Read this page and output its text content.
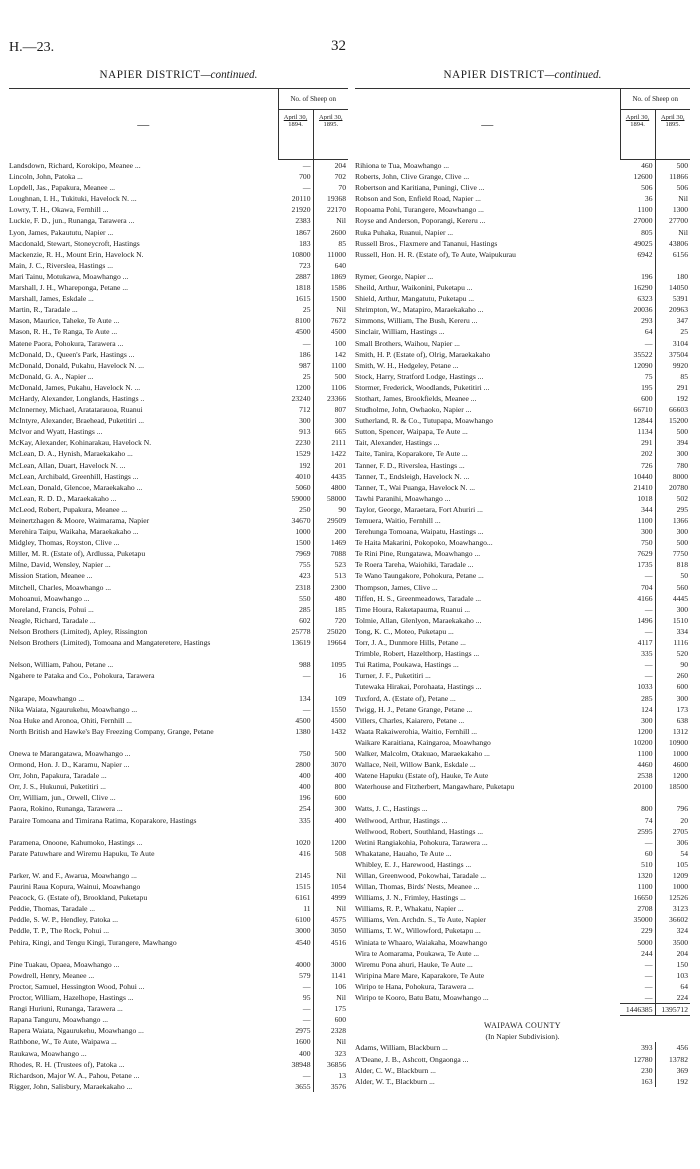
H.—23.	32
NAPIER DISTRICT—continued.
—	No. of Sheep on	

	April 30,
1894.	April 30,
1895.

Landsdown, Richard, Korokipo, Meanee ...	—	204
Lincoln, John, Patoka ...	700	702
Lopdell, Jas., Papakura, Meanee ...	—	70
Loughnan, I. H., Tukituki, Havelock N. ...	20110	19368
Lowry, T. H., Okawa, Fernhill ...	21920	22170
Luckie, F. D., jun., Runanga, Tarawera ...	2383	Nil
Lyon, James, Pakaututu, Napier ...	1867	2600
Macdonald, Stewart, Stoneycroft, Hastings	183	85
Mackenzie, R. H., Mount Erin, Havelock N.	10800	11000
Main, J. C., Riverslea, Hastings ...	723	640
Mari Tainu, Motukawa, Moawhango ...	2887	1869
Marshall, J. H., Whareponga, Petane ...	1818	1586
Marshall, James, Eskdale ...	1615	1500
Martin, R., Taradale ...	25	Nil
Mason, Maurice, Taheke, Te Aute ...	8100	7672
Mason, R. H., Te Ranga, Te Aute ...	4500	4500
Matene Paora, Pohokura, Tarawera ...	—	100
McDonald, D., Queen's Park, Hastings ...	186	142
McDonald, Donald, Pukahu, Havelock N. ...	987	1100
McDonald, G. A., Napier ...	25	500
McDonald, James, Pukahu, Havelock N. ...	1200	1106
McHardy, Alexander, Longlands, Hastings ..	23240	23366
McInnerney, Michael, Aratatarauoa, Ruanui	712	807
McIntyre, Alexander, Braehead, Puketitiri ...	300	300
McIvor and Wyatt, Hastings ...	913	665
McKay, Alexander, Kohinarakau, Havelock N.	2230	2111
McLean, D. A., Hynish, Maraekakaho ...	1529	1422
McLean, Allan, Duart, Havelock N. ...	192	201
McLean, Archibald, Greenhill, Hastings ...	4010	4435
McLean, Donald, Glencoe, Maraekakaho ...	5060	4800
McLean, R. D. D., Maraekakaho ...	59000	58000
McLeod, Robert, Pupakura, Meanee ...	250	90
Meinertzhagen & Moore, Waimarama, Napier	34670	29509
Merehira Taipu, Waikaha, Maraekakaho ...	1000	200
Midgley, Thomas, Royston, Clive ...	1500	1469
Miller, M. R. (Estate of), Ardlussa, Puketapu	7969	7088
Milne, David, Wensley, Napier ...	755	523
Mission Station, Meanee ...	423	513
Mitchell, Charles, Moawhango ...	2318	2300
Mohoanui, Moawhango ...	550	480
Moreland, Francis, Pohui ...	285	185
Neagle, Richard, Taradale ...	602	720
Nelson Brothers (Limited), Apley, Rissington	25778	25020
Nelson Brothers (Limited), Tomoana and Mangateretere, Hastings	13619	19664
Nelson, William, Pahou, Petane ...	988	1095
Ngahere te Pataka and Co., Pohokura, Tarawera	—	16
Ngarape, Moawhango ...	134	109
Nika Waiata, Ngaurukehu, Moawhango ...	—	1550
Noa Huke and Aronoa, Ohiti, Fernhill ...	4500	4500
North British and Hawke's Bay Freezing Company, Grange, Petane	1380	1432
Onewa te Marangatawa, Moawhango ...	750	500
Ormond, Hon. J. D., Karamu, Napier ...	2800	3070
Orr, John, Papakura, Taradale ...	400	400
Orr, J. S., Hukunui, Puketitiri ...	400	800
Orr, William, jun., Orwell, Clive ...	196	600
Paora, Rokino, Runanga, Tarawera ...	254	300
Paraire Tomoana and Timirana Ratima, Koparakore, Hastings	335	400
Paramena, Onoone, Kahumoko, Hastings ...	1020	1200
Parate Patuwhare and Wiremu Hapuku, Te Aute	416	508
Parker, W. and F., Awarua, Moawhango ...	2145	Nil
Paurini Raua Kopura, Wainui, Moawhango	1515	1054
Peacock, G. (Estate of), Brookland, Puketapu	6161	4999
Peddie, Thomas, Taradale ...	11	Nil
Peddle, S. W. P., Hendley, Patoka ...	6100	4575
Peddle, T. P., The Rock, Pohui ...	3000	3050
Pehira, Kingi, and Tengu Kingi, Turangere, Mawhango	4540	4516
Pine Tuakau, Opaea, Moawhango ...	4000	3000
Powdrell, Henry, Meanee ...	579	1141
Proctor, Samuel, Hessington Wood, Pohui ...	—	106
Proctor, William, Hazelhope, Hastings ...	95	Nil
Rangi Huriuni, Runanga, Tarawera ...	—	175
Rapana Tanguru, Moawhango ...	—	600
Rapera Waiata, Ngaurukehu, Moawhango ...	2975	2328
Rathbone, W., Te Aute, Waipawa ...	1600	Nil
Raukawa, Moawhango ...	400	323
Rhodes, R. H. (Trustees of), Patoka ...	38948	36856
Richardson, Major W. A., Pahou, Petane ...	—	13
Rigger, John, Salisbury, Maraekakaho ...	3655	3576
NAPIER DISTRICT—continued.
—	No. of Sheep on	

	April 30,
1894.	April 30,
1895.

Rihiona te Tua, Moawhango ...	460	500
Roberts, John, Clive Grange, Clive ...	12600	11866
Robertson and Karitiana, Puningi, Clive ...	506	506
Robson and Son, Enfield Road, Napier ...	36	Nil
Ropoama Pohi, Turangere, Moawhango ...	1100	1300
Royse and Anderson, Poporangi, Kereru ...	27000	27700
Ruka Puhaka, Ruanui, Napier ...	805	Nil
Russell Bros., Flaxmere and Tananui, Hastings	49025	43806
Russell, Hon. H. R. (Estate of), Te Aute, Waipukurau	6942	6156
Rymer, George, Napier ...	196	180
Sheild, Arthur, Waikonini, Puketapu ...	16290	14050
Shield, Arthur, Mangatutu, Puketapu ...	6323	5391
Shrimpton, W., Matapiro, Maraekakaho ...	20036	20963
Simmons, William, The Bush, Kereru ...	293	347
Sinclair, William, Hastings ...	64	25
Small Brothers, Waihou, Napier ...	—	3104
Smith, H. P. (Estate of), Olrig, Maraekakaho	35522	37504
Smith, W. H., Hedgeley, Petane ...	12090	9920
Stock, Harry, Stratford Lodge, Hastings ...	75	85
Stormer, Frederick, Woodlands, Puketitiri ...	195	291
Stothart, James, Brookfields, Meanee ...	600	192
Studholme, John, Owhaoko, Napier ...	66710	66603
Sutherland, R. & Co., Tutupapa, Moawhango	12844	15200
Sutton, Spencer, Waipapa, Te Aute ...	1134	500
Tait, Alexander, Hastings ...	291	394
Taite, Tanira, Koparakore, Te Aute ...	202	300
Tanner, F. D., Riverslea, Hastings ...	726	780
Tanner, T., Endsleigh, Havelock N. ...	10440	8000
Tanner, T., Wai Puanga, Havelock N. ...	21410	20780
Tawhi Paranihi, Moawhango ...	1018	502
Taylor, George, Maraetara, Fort Ahuriri ...	344	295
Temuera, Waitio, Fernhill ...	1100	1366
Terehunga Tomoana, Waipatu, Hastings ...	300	300
Te Haita Makarini, Pokopoko, Moawhango...	750	500
Te Rini Pine, Rungatawa, Moawhango ...	7629	7750
Te Roera Tareha, Waiohiki, Taradale ...	1735	818
Te Wano Taungakore, Pohokura, Petane ...	—	50
Thompson, James, Clive ...	704	560
Tiffen, H. S., Greenmeadows, Taradale ...	4166	4445
Time Houra, Raketapauma, Ruanui ...	—	300
Tolmie, Allan, Glenlyon, Maraekakaho ...	1496	1510
Tong, K. C., Moteo, Puketapu ...	—	334
Torr, J. A., Dunmore Hills, Petane ...	4117	1116
Trimble, Robert, Hazelthorp, Hastings ...	335	520
Tui Ratima, Poukawa, Hastings ...	—	90
Turner, J. F., Puketitiri ...	—	260
Tutewaka Hirakai, Porohaata, Hastings ...	1033	600
Tuxford, A. (Estate of), Petane ...	285	300
Twigg, H. J., Petane Grange, Petane ...	124	173
Villers, Charles, Kaiarero, Petane ...	300	638
Waata Rakaiwerohia, Waitio, Fernhill ...	1200	1312
Waikare Karaitiana, Kaingaroa, Moawhango	10200	10900
Walker, Malcolm, Otakuao, Maraekakaho ...	1100	1000
Wallace, Neil, Willow Bank, Eskdale ...	4460	4600
Watene Hapuku (Estate of), Hauke, Te Aute	2538	1200
Waterhouse and Fitzherbert, Mangawhare, Puketapu	20100	18500
Watts, J. C., Hastings ...	800	796
Wellwood, Arthur, Hastings ...	74	20
Wellwood, Robert, Southland, Hastings ...	2595	2705
Wetini Rangiakohia, Pohokura, Tarawera ...	—	306
Whakatane, Hauaho, Te Aute ...	60	54
Whibley, E. J., Harewood, Hastings ...	510	105
Willan, Greenwood, Pokowhai, Taradale ...	1320	1209
Willan, Thomas, Birds' Nests, Meanee ...	1100	1000
Williams, J. N., Frimley, Hastings ...	16650	12526
Williams, R. P., Whakatu, Napier ...	2708	3123
Williams, Ven. Archdn. S., Te Aute, Napier	35000	36602
Williams, T. W., Willowford, Puketapu ...	229	324
Winiata te Whaaro, Waiakaha, Moawhango	5000	3500
Wira te Aomarama, Poukawa, Te Aute ...	244	204
Wiremu Pona ahuri, Hauke, Te Aute ...	—	150
Wiripina Mare Mare, Kaparakore, Te Aute	—	103
Wiripo te Hana, Pohokura, Tarawera ...	—	64
Wiripo te Kooro, Batu Batu, Moawhango ...	—	224
	1446385	1395712

WAIPAWA COUNTY		
(In Napier Subdivision).		
Adams, William, Blackburn ...	393	456
A'Deane, J. B., Ashcott, Ongaonga ...	12780	13782
Alder, C. W., Blackburn ...	230	369
Alder, W. T., Blackburn ...	163	192
